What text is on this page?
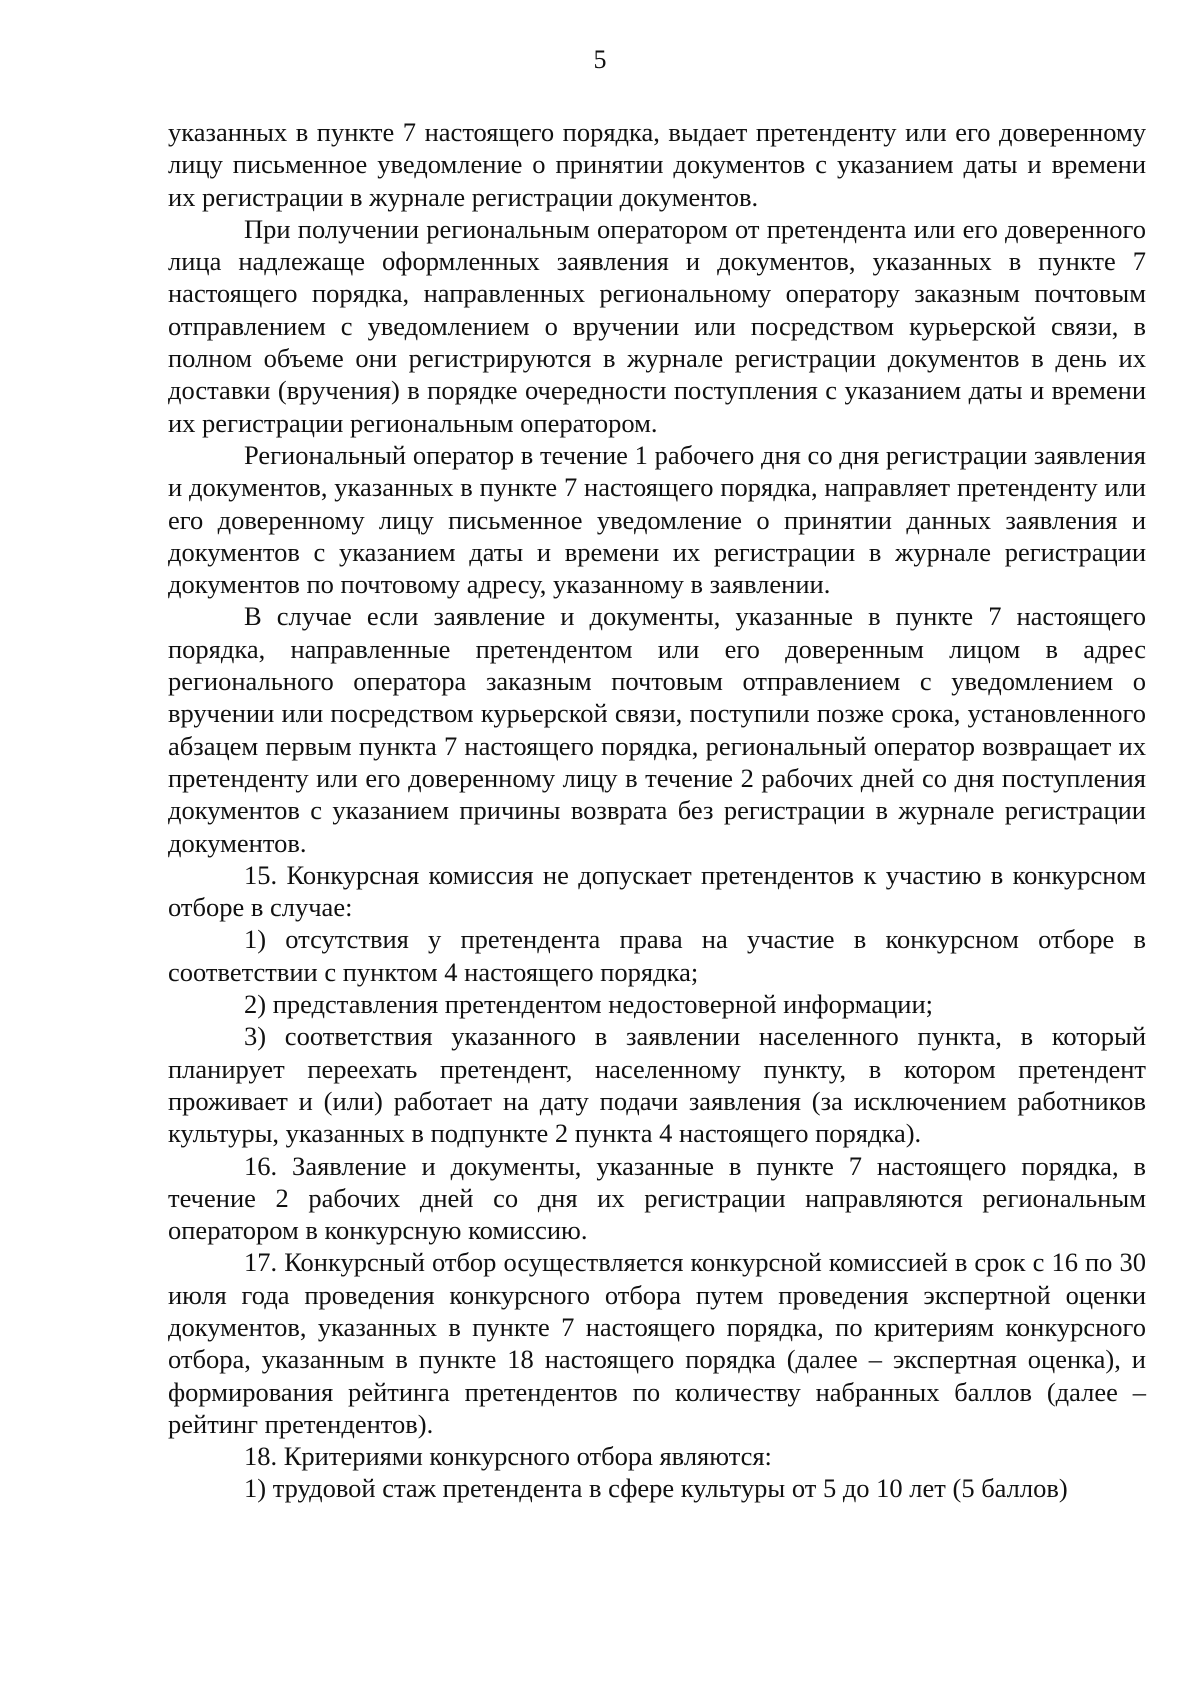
5

указанных в пункте 7 настоящего порядка, выдает претенденту или его доверенному лицу письменное уведомление о принятии документов с указанием даты и времени их регистрации в журнале регистрации документов.

При получении региональным оператором от претендента или его доверенного лица надлежаще оформленных заявления и документов, указанных в пункте 7 настоящего порядка, направленных региональному оператору заказным почтовым отправлением с уведомлением о вручении или посредством курьерской связи, в полном объеме они регистрируются в журнале регистрации документов в день их доставки (вручения) в порядке очередности поступления с указанием даты и времени их регистрации региональным оператором.

Региональный оператор в течение 1 рабочего дня со дня регистрации заявления и документов, указанных в пункте 7 настоящего порядка, направляет претенденту или его доверенному лицу письменное уведомление о принятии данных заявления и документов с указанием даты и времени их регистрации в журнале регистрации документов по почтовому адресу, указанному в заявлении.

В случае если заявление и документы, указанные в пункте 7 настоящего порядка, направленные претендентом или его доверенным лицом в адрес регионального оператора заказным почтовым отправлением с уведомлением о вручении или посредством курьерской связи, поступили позже срока, установленного абзацем первым пункта 7 настоящего порядка, региональный оператор возвращает их претенденту или его доверенному лицу в течение 2 рабочих дней со дня поступления документов с указанием причины возврата без регистрации в журнале регистрации документов.

15. Конкурсная комиссия не допускает претендентов к участию в конкурсном отборе в случае:

1) отсутствия у претендента права на участие в конкурсном отборе в соответствии с пунктом 4 настоящего порядка;

2) представления претендентом недостоверной информации;

3) соответствия указанного в заявлении населенного пункта, в который планирует переехать претендент, населенному пункту, в котором претендент проживает и (или) работает на дату подачи заявления (за исключением работников культуры, указанных в подпункте 2 пункта 4 настоящего порядка).

16. Заявление и документы, указанные в пункте 7 настоящего порядка, в течение 2 рабочих дней со дня их регистрации направляются региональным оператором в конкурсную комиссию.

17. Конкурсный отбор осуществляется конкурсной комиссией в срок с 16 по 30 июля года проведения конкурсного отбора путем проведения экспертной оценки документов, указанных в пункте 7 настоящего порядка, по критериям конкурсного отбора, указанным в пункте 18 настоящего порядка (далее – экспертная оценка), и формирования рейтинга претендентов по количеству набранных баллов (далее – рейтинг претендентов).

18. Критериями конкурсного отбора являются:

1) трудовой стаж претендента в сфере культуры от 5 до 10 лет (5 баллов)
